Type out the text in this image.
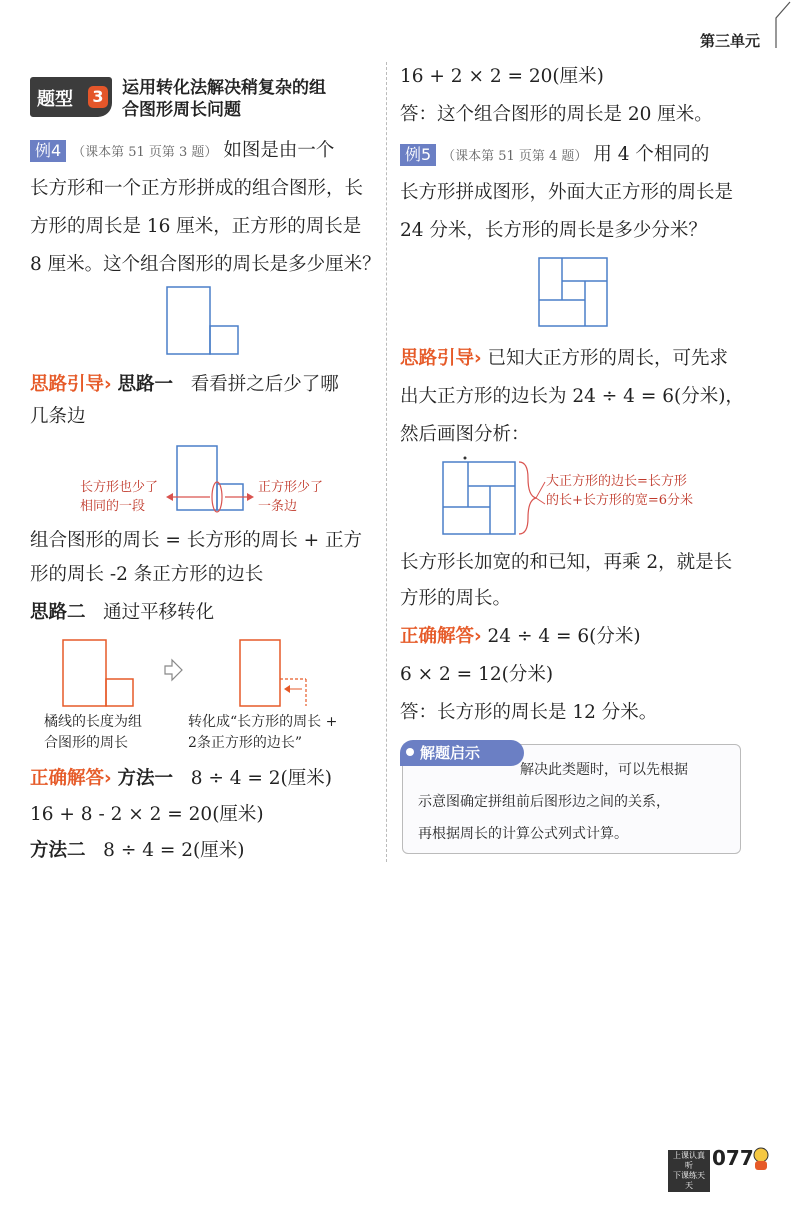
第三单元
题型 3 运用转化法解决稍复杂的组
合图形周长问题
例4 （课本第 51 页第 3 题） 如图是由一个
长方形和一个正方形拼成的组合图形，长
方形的周长是 16 厘米，正方形的周长是
8 厘米。这个组合图形的周长是多少厘米？
思路引导› 思路一 看看拼之后少了哪
几条边
长方形也少了
相同的一段
正方形少了
一条边
组合图形的周长 = 长方形的周长 + 正方
形的周长 -2 条正方形的边长
思路二 通过平移转化
橘线的长度为组
合图形的周长
转化成“长方形的周长 +
2条正方形的边长”
正确解答› 方法一 8 ÷ 4 = 2(厘米)
16 + 8 - 2 × 2 = 20(厘米)
方法二 8 ÷ 4 = 2(厘米)
16 + 2 × 2 = 20(厘米)
答：这个组合图形的周长是 20 厘米。
例5 （课本第 51 页第 4 题） 用 4 个相同的
长方形拼成图形，外面大正方形的周长是
24 分米，长方形的周长是多少分米？
思路引导› 已知大正方形的周长，可先求
出大正方形的边长为 24 ÷ 4 = 6(分米)，
然后画图分析：
大正方形的边长=长方形
的长+长方形的宽=6分米
长方形长加宽的和已知，再乘 2，就是长
方形的周长。
正确解答› 24 ÷ 4 = 6(分米)
6 × 2 = 12(分米)
答：长方形的周长是 12 分米。
解题启示
解决此类题时，可以先根据
示意图确定拼组前后图形边之间的关系，
再根据周长的计算公式列式计算。
上课认真听
下课练天天
077
